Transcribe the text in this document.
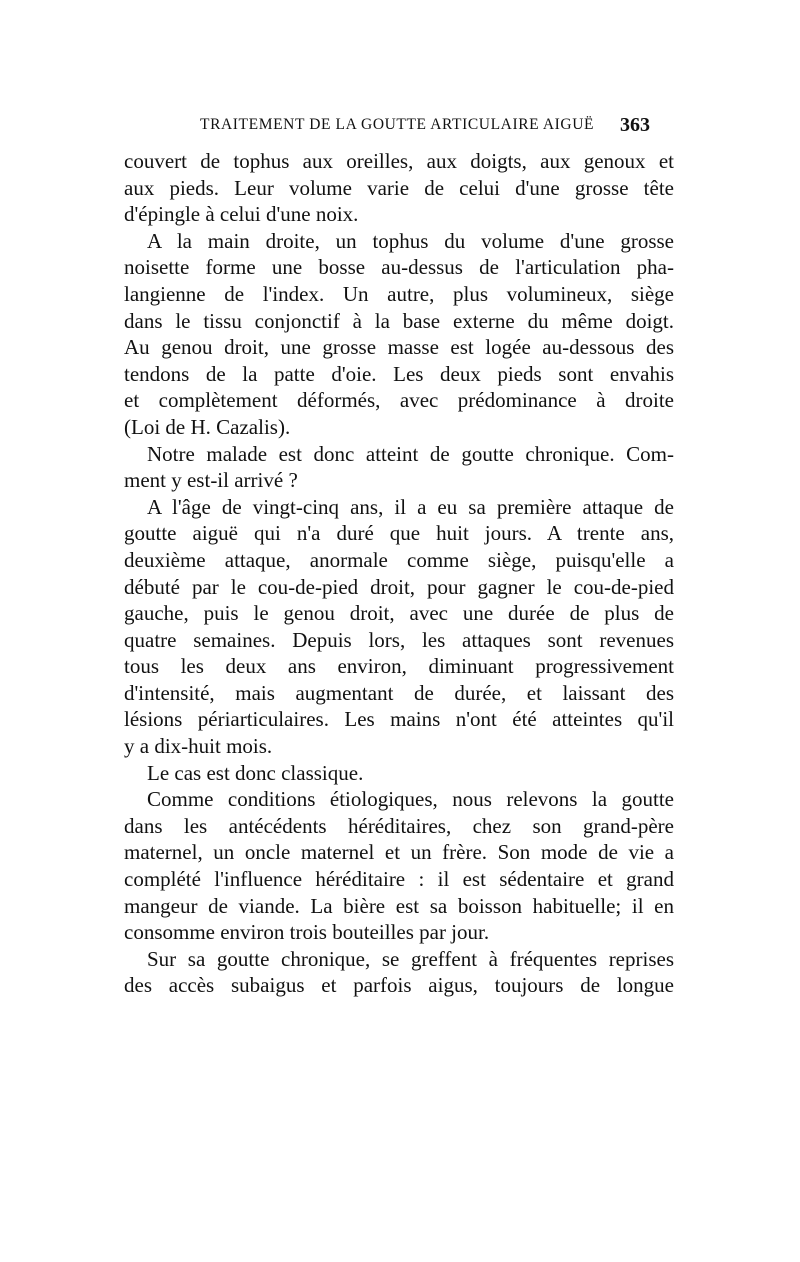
TRAITEMENT DE LA GOUTTE ARTICULAIRE AIGUË 363
couvert de tophus aux oreilles, aux doigts, aux genoux et
aux pieds. Leur volume varie de celui d'une grosse tête
d'épingle à celui d'une noix.
A la main droite, un tophus du volume d'une grosse
noisette forme une bosse au-dessus de l'articulation pha-
langienne de l'index. Un autre, plus volumineux, siège
dans le tissu conjonctif à la base externe du même doigt.
Au genou droit, une grosse masse est logée au-dessous des
tendons de la patte d'oie. Les deux pieds sont envahis
et complètement déformés, avec prédominance à droite
(Loi de H. Cazalis).
Notre malade est donc atteint de goutte chronique. Com-
ment y est-il arrivé ?
A l'âge de vingt-cinq ans, il a eu sa première attaque de
goutte aiguë qui n'a duré que huit jours. A trente ans,
deuxième attaque, anormale comme siège, puisqu'elle a
débuté par le cou-de-pied droit, pour gagner le cou-de-pied
gauche, puis le genou droit, avec une durée de plus de
quatre semaines. Depuis lors, les attaques sont revenues
tous les deux ans environ, diminuant progressivement
d'intensité, mais augmentant de durée, et laissant des
lésions périarticulaires. Les mains n'ont été atteintes qu'il
y a dix-huit mois.
Le cas est donc classique.
Comme conditions étiologiques, nous relevons la goutte
dans les antécédents héréditaires, chez son grand-père
maternel, un oncle maternel et un frère. Son mode de vie a
complété l'influence héréditaire : il est sédentaire et grand
mangeur de viande. La bière est sa boisson habituelle; il en
consomme environ trois bouteilles par jour.
Sur sa goutte chronique, se greffent à fréquentes reprises
des accès subaigus et parfois aigus, toujours de longue
